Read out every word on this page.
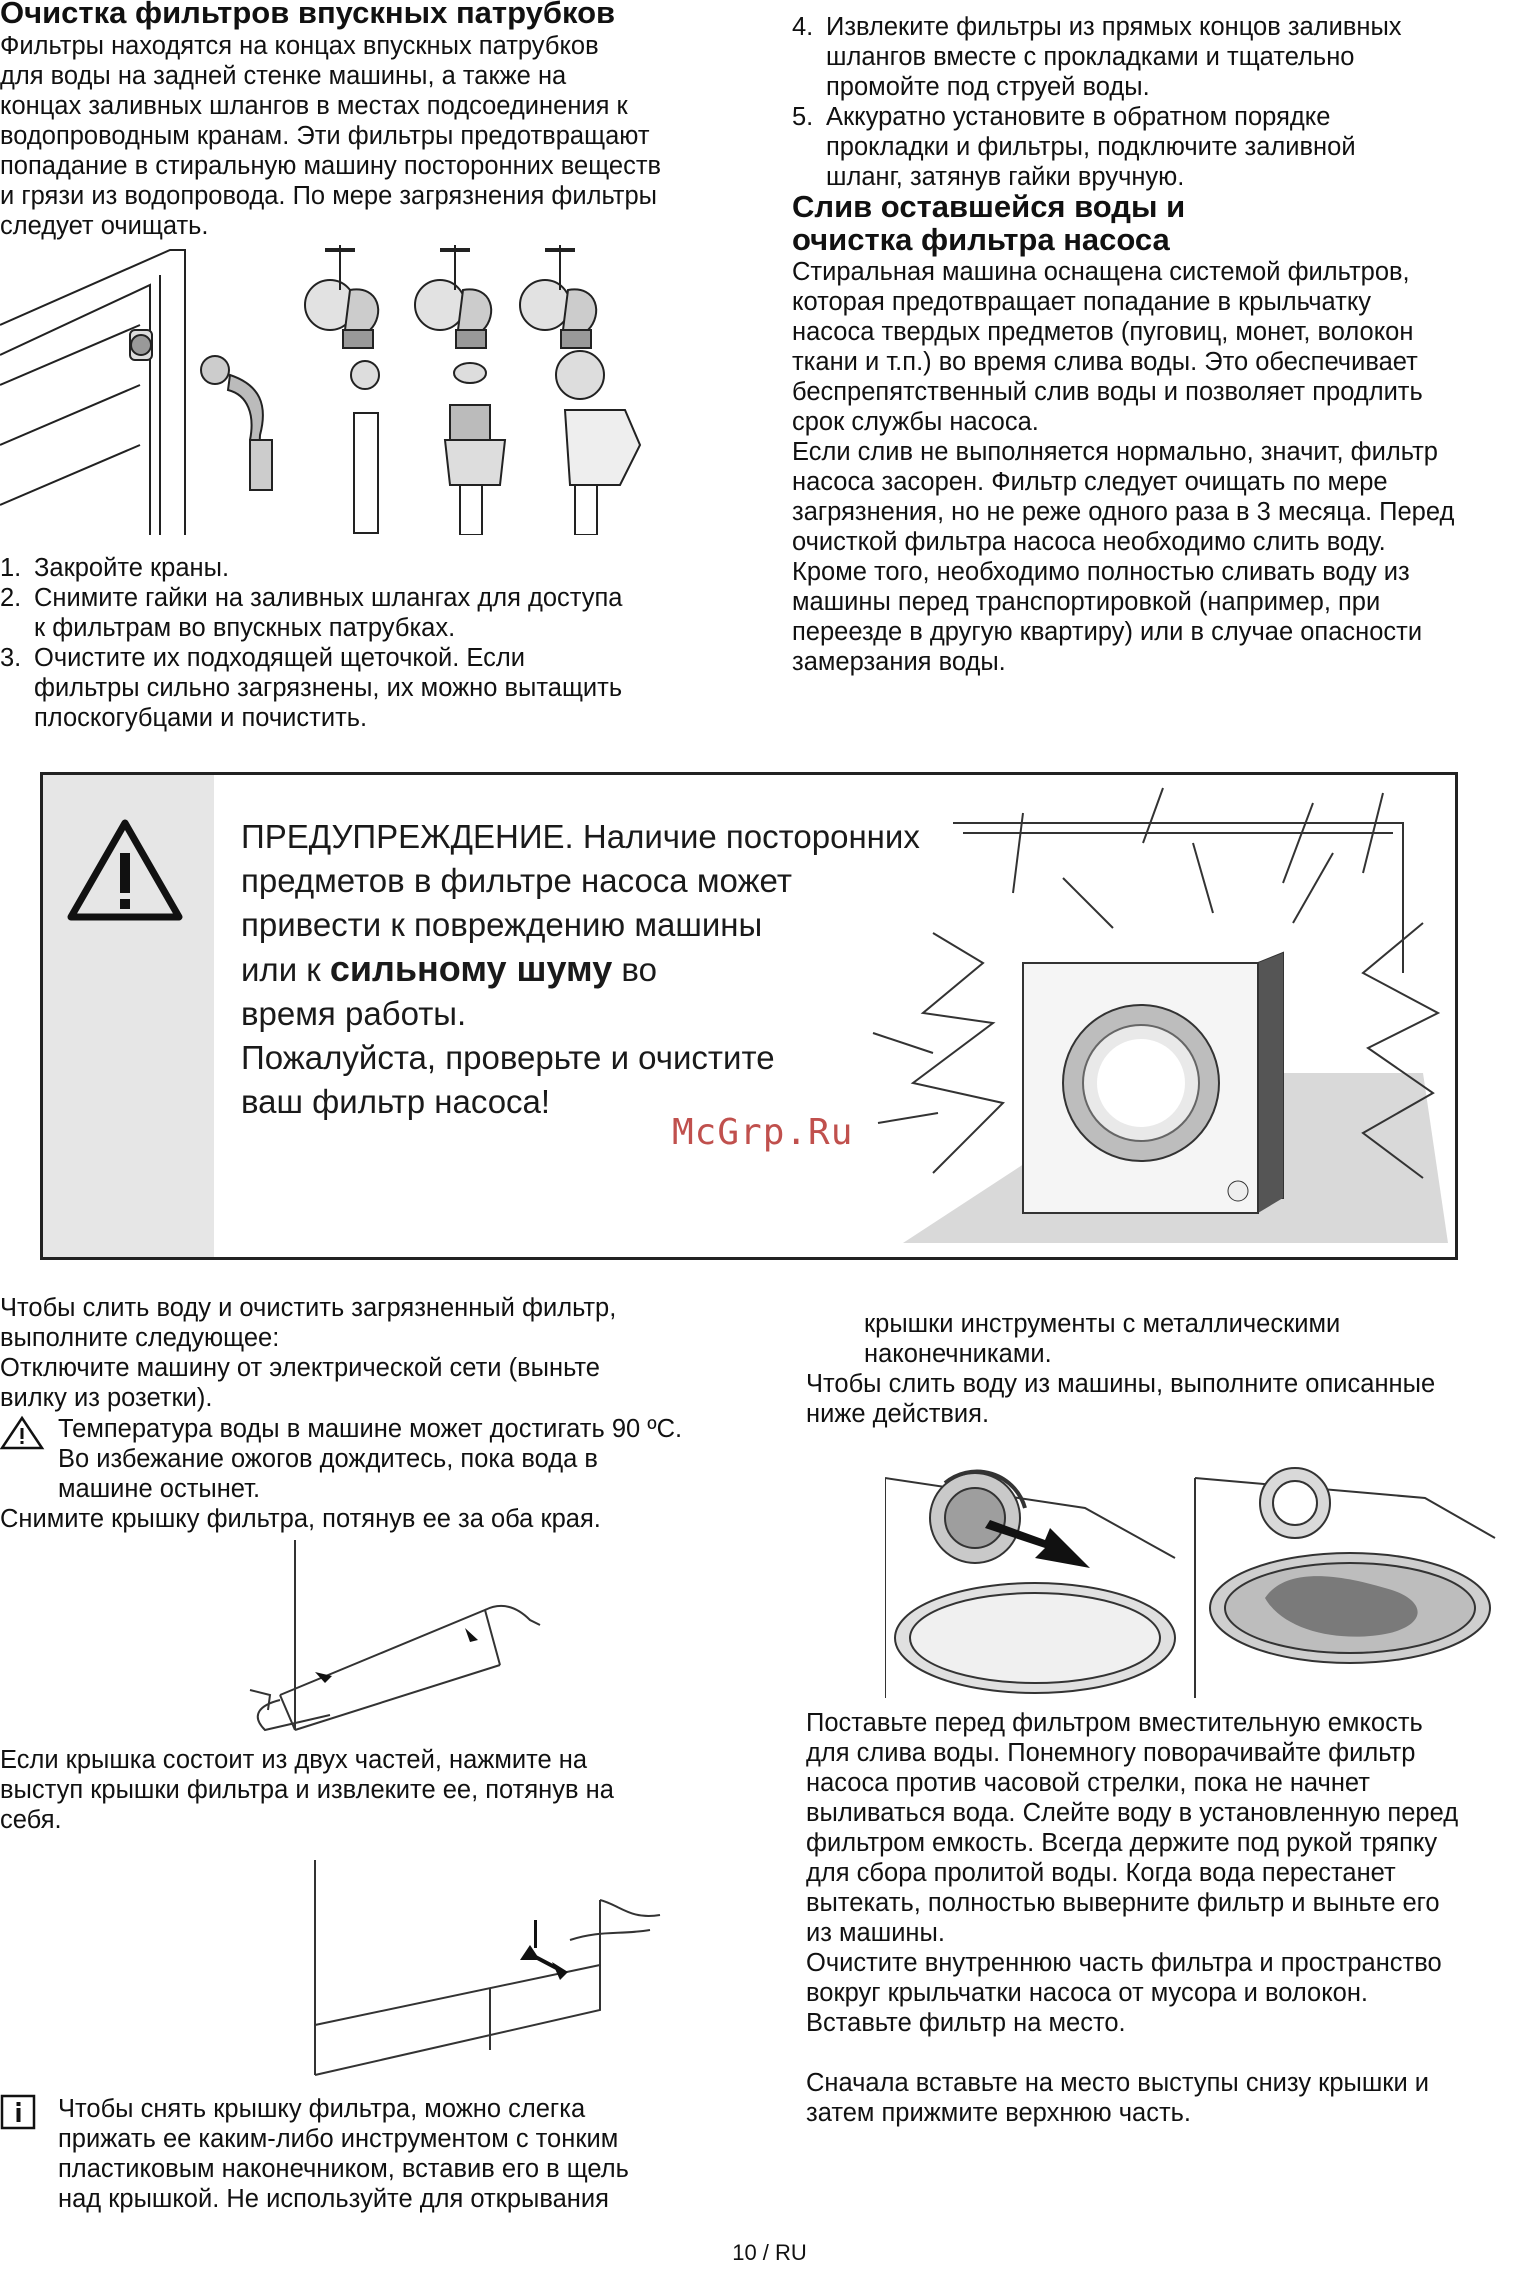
Очистка фильтров впускных патрубков

Фильтры находятся на концах впускных патрубков

для воды на задней стенке машины, а также на

концах заливных шлангов в местах подсоединения к

водопроводным кранам. Эти фильтры предотвращают

попадание в стиральную машину посторонних веществ

и грязи из водопровода. По мере загрязнения фильтры

следует очищать.

1. Закройте краны.
2. Снимите гайки на заливных шлангах для доступа
к фильтрам во впускных патрубках.
3. Очистите их подходящей щеточкой. Если
фильтры сильно загрязнены, их можно вытащить
плоскогубцами и почистить.
4. Извлеките фильтры из прямых концов заливных
шлангов вместе с прокладками и тщательно
промойте под струей воды.
5. Аккуратно установите в обратном порядке
прокладки и фильтры, подключите заливной
шланг, затянув гайки вручную.

Слив оставшейся воды и

очистка фильтра насоса

Стиральная машина оснащена системой фильтров,

которая предотвращает попадание в крыльчатку

насоса твердых предметов (пуговиц, монет, волокон

ткани и т.п.) во время слива воды. Это обеспечивает

беспрепятственный слив воды и позволяет продлить

срок службы насоса.

Если слив не выполняется нормально, значит, фильтр

насоса засорен. Фильтр следует очищать по мере

загрязнения, но не реже одного раза в 3 месяца. Перед

очисткой фильтра насоса необходимо слить воду.

Кроме того, необходимо полностью сливать воду из

машины перед транспортировкой (например, при

переезде в другую квартиру) или в случае опасности

замерзания воды.

ПРЕДУПРЕЖДЕНИЕ. Наличие посторонних
предметов в фильтре насоса может
привести к повреждению машины
или к сильному шуму во
время работы.
Пожалуйста, проверьте и очистите
ваш фильтр насоса!
McGrp.Ru

Чтобы слить воду и очистить загрязненный фильтр,

выполните следующее:

Отключите машину от электрической сети (выньте

вилку из розетки).

Температура воды в машине может достигать 90 ºC.

Во избежание ожогов дождитесь, пока вода в

машине остынет.

Снимите крышку фильтра, потянув ее за оба края.

Если крышка состоит из двух частей, нажмите на

выступ крышки фильтра и извлеките ее, потянув на

себя.

Чтобы снять крышку фильтра, можно слегка

прижать ее каким-либо инструментом с тонким

пластиковым наконечником, вставив его в щель

над крышкой. Не используйте для открывания

крышки инструменты с металлическими

наконечниками.

Чтобы слить воду из машины, выполните описанные

ниже действия.

Поставьте перед фильтром вместительную емкость

для слива воды. Понемногу поворачивайте фильтр

насоса против часовой стрелки, пока не начнет

выливаться вода. Слейте воду в установленную перед

фильтром емкость. Всегда держите под рукой тряпку

для сбора пролитой воды. Когда вода перестанет

вытекать, полностью выверните фильтр и выньте его

из машины.

Очистите внутреннюю часть фильтра и пространство

вокруг крыльчатки насоса от мусора и волокон.

Вставьте фильтр на место.

Сначала вставьте на место выступы снизу крышки и

затем прижмите верхнюю часть.

10 / RU
